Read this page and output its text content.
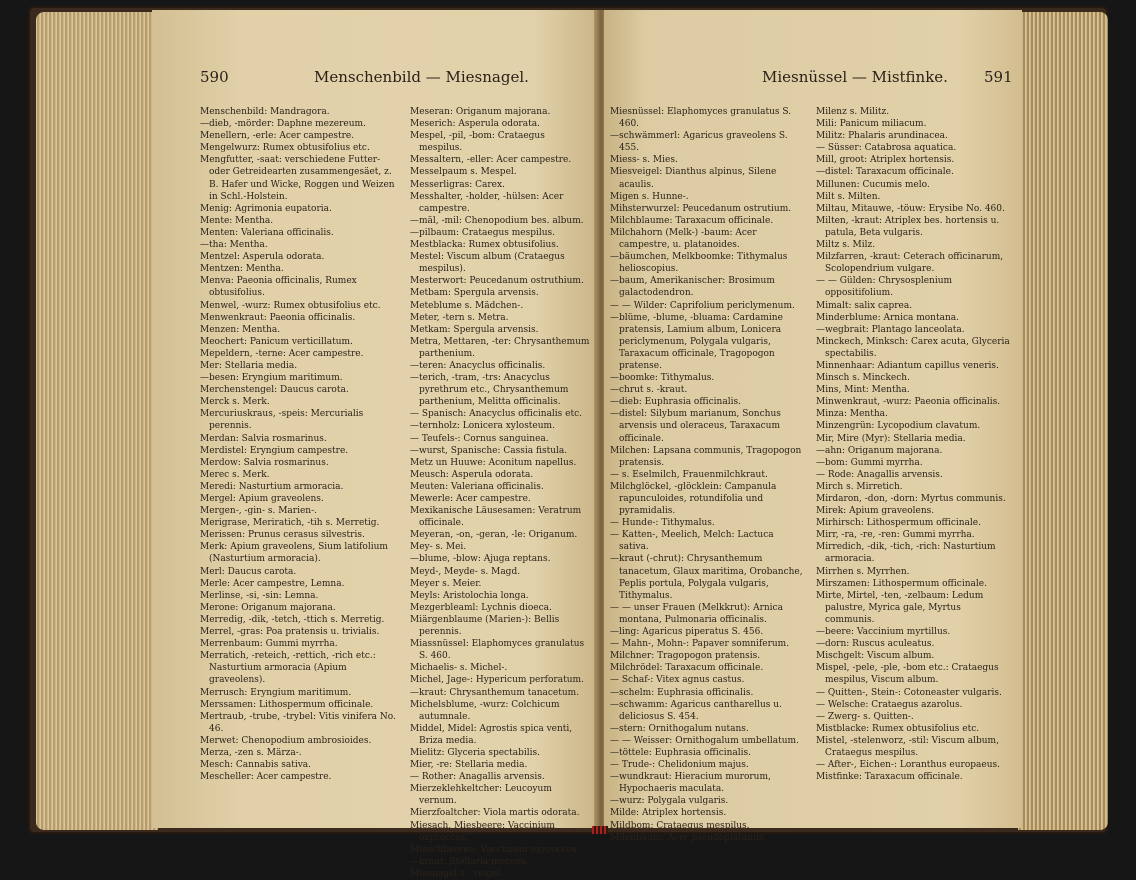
590	Menschenbild — Miesnagel.
Menschenbild: Mandragora.
—dieb, -mörder: Daphne mezereum.
Menellern, -erle: Acer campestre.
Mengelwurz: Rumex obtusifolius etc.
Mengfutter, -saat: verschiedene Futter- oder Getreidearten zusammengesäet, z. B. Hafer und Wicke, Roggen und Weizen in Schl.-Holstein.
Menig: Agrimonia eupatoria.
Mente: Mentha.
Menten: Valeriana officinalis.
—tha: Mentha.
Mentzel: Asperula odorata.
Mentzen: Mentha.
Menva: Paeonia officinalis, Rumex obtusifolius.
Menwel, -wurz: Rumex obtusifolius etc.
Menwenkraut: Paeonia officinalis.
Menzen: Mentha.
Meochert: Panicum verticillatum.
Mepeldern, -terne: Acer campestre.
Mer: Stellaria media.
—besen: Eryngium maritimum.
Merchenstengel: Daucus carota.
Merck s. Merk.
Mercuriuskraus, -speis: Mercurialis perennis.
Merdan: Salvia rosmarinus.
Merdistel: Eryngium campestre.
Merdow: Salvia rosmarinus.
Merec s. Merk.
Meredi: Nasturtium armoracia.
Mergel: Apium graveolens.
Mergen-, -gin- s. Marien-.
Merigrase, Meriratich, -tih s. Merretig.
Merissen: Prunus cerasus silvestris.
Merk: Apium graveolens, Sium latifolium (Nasturtium armoracia).
Merl: Daucus carota.
Merle: Acer campestre, Lemna.
Merlinse, -si, -sin: Lemna.
Merone: Origanum majorana.
Merredig, -dik, -tetch, -ttich s. Merretig.
Merrel, -gras: Poa pratensis u. trivialis.
Merrenbaum: Gummi myrrha.
Merratich, -reteich, -rettich, -rich etc.: Nasturtium armoracia (Apium graveolens).
Merrusch: Eryngium maritimum.
Merssamen: Lithospermum officinale.
Mertraub, -trube, -trybel: Vitis vinifera No. 46.
Merwet: Chenopodium ambrosioides.
Merza, -zen s. Märza-.
Mesch: Cannabis sativa.
Mescheller: Acer campestre.
Meseran: Origanum majorana.
Meserich: Asperula odorata.
Mespel, -pil, -bom: Crataegus mespilus.
Messaltern, -eller: Acer campestre.
Messelpaum s. Mespel.
Messerligras: Carex.
Messhalter, -holder, -hülsen: Acer campestre.
—mäl, -mil: Chenopodium bes. album.
—pilbaum: Crataegus mespilus.
Mestblacka: Rumex obtusifolius.
Mestel: Viscum album (Crataegus mespilus).
Mesterwort: Peucedanum ostruthium.
Metbam: Spergula arvensis.
Meteblume s. Mädchen-.
Meter, -tern s. Metra.
Metkam: Spergula arvensis.
Metra, Mettaren, -ter: Chrysanthemum parthenium.
—teren: Anacyclus officinalis.
—terich, -tram, -trs: Anacyclus pyrethrum etc., Chrysanthemum parthenium, Melitta officinalis.
— Spanisch: Anacyclus officinalis etc.
—ternholz: Lonicera xylosteum.
— Teufels-: Cornus sanguinea.
—wurst, Spanische: Cassia fistula.
Metz un Huuwe: Aconitum napellus.
Meusch: Asperula odorata.
Meuten: Valeriana officinalis.
Mewerle: Acer campestre.
Mexikanische Läusesamen: Veratrum officinale.
Meyeran, -on, -geran, -le: Origanum.
Mey- s. Mei.
—blume, -blow: Ajuga reptans.
Meyd-, Meyde- s. Magd.
Meyer s. Meier.
Meyls: Aristolochia longa.
Mezgerbleaml: Lychnis dioeca.
Miärgenblaume (Marien-): Bellis perennis.
Miassnüssel: Elaphomyces granulatus S. 460.
Michaelis- s. Michel-.
Michel, Jage-: Hypericum perforatum.
—kraut: Chrysanthemum tanacetum.
Michelsblume, -wurz: Colchicum autumnale.
Middel, Midel: Agrostis spica venti, Briza media.
Mielitz: Glyceria spectabilis.
Mier, -re: Stellaria media.
— Rother: Anagallis arvensis.
Mierzeklehkeltcher: Leucoyum vernum.
Mierzfoaltcher: Viola martis odorata.
Miesach, Miesbeere: Vaccinium oxycoccos.
Mieschbeeren: Vaccinium oxycoccos.
—kraut: Stellaria mucosa.
Miesnagel s. -veigel.
Miesnüssel — Mistfinke. 591
Miesnüssel: Elaphomyces granulatus S. 460.
—schwämmerl: Agaricus graveolens S. 455.
Miess- s. Mies.
Miesveigel: Dianthus alpinus, Silene acaulis.
Migen s. Hunne-.
Mihsterwurzel: Peucedanum ostrutium.
Milchblaume: Taraxacum officinale.
Milchahorn (Melk-) -baum: Acer campestre, u. platanoides.
—bäumchen, Melkboomke: Tithymalus helioscopius.
—baum, Amerikanischer: Brosimum galactodendron.
— — Wilder: Caprifolium periclymenum.
—blüme, -blume, -bluama: Cardamine pratensis, Lamium album, Lonicera periclymenum, Polygala vulgaris, Taraxacum officinale, Tragopogon pratense.
—boomke: Tithymalus.
—chrut s. -kraut.
—dieb: Euphrasia officinalis.
—distel: Silybum marianum, Sonchus arvensis und oleraceus, Taraxacum officinale.
Milchen: Lapsana communis, Tragopogon pratensis.
— s. Eselmilch, Frauenmilchkraut.
Milchglöckel, -glöcklein: Campanula rapunculoides, rotundifolia und pyramidalis.
— Hunde-: Tithymalus.
— Katten-, Meelich, Melch: Lactuca sativa.
—kraut (-chrut): Chrysanthemum tanacetum, Glaux maritima, Orobanche, Peplis portula, Polygala vulgaris, Tithymalus.
— — unser Frauen (Melkkrut): Arnica montana, Pulmonaria officinalis.
—ling: Agaricus piperatus S. 456.
— Mahn-, Mohn-: Papaver somniferum.
Milchner: Tragopogon pratensis.
Milchrödel: Taraxacum officinale.
— Schaf-: Vitex agnus castus.
—schelm: Euphrasia officinalis.
—schwamm: Agaricus cantharellus u. deliciosus S. 454.
—stern: Ornithogalum nutans.
— — Weisser: Ornithogalum umbellatum.
—töttele: Euphrasia officinalis.
— Trude-: Chelidonium majus.
—wundkraut: Hieracium murorum, Hypochaeris maculata.
—wurz: Polygala vulgaris.
Milde: Atriplex hortensis.
Mildbom: Crataegus mespilus.
Milenbaum: Acer pseudoplatanus.
Milenz s. Militz.
Mili: Panicum miliacum.
Militz: Phalaris arundinacea.
— Süsser: Catabrosa aquatica.
Mill, groot: Atriplex hortensis.
—distel: Taraxacum officinale.
Millunen: Cucumis melo.
Milt s. Milten.
Miltau, Mitauwe, -töuw: Erysibe No. 460.
Milten, -kraut: Atriplex bes. hortensis u. patula, Beta vulgaris.
Miltz s. Milz.
Milzfarren, -kraut: Ceterach officinarum, Scolopendrium vulgare.
— — Gülden: Chrysosplenium oppositifolium.
Mimalt: salix caprea.
Minderblume: Arnica montana.
—wegbrait: Plantago lanceolata.
Minckech, Minksch: Carex acuta, Glyceria spectabilis.
Minnenhaar: Adiantum capillus veneris.
Minsch s. Minckech.
Mins, Mint: Mentha.
Minwenkraut, -wurz: Paeonia officinalis.
Minza: Mentha.
Minzengrün: Lycopodium clavatum.
Mir, Mire (Myr): Stellaria media.
—ahn: Origanum majorana.
—bom: Gummi myrrha.
— Rode: Anagallis arvensis.
Mirch s. Mirretich.
Mirdaron, -don, -dorn: Myrtus communis.
Mirek: Apium graveolens.
Mirhirsch: Lithospermum officinale.
Mirr, -ra, -re, -ren: Gummi myrrha.
Mirredich, -dik, -tich, -rich: Nasturtium armoracia.
Mirrhen s. Myrrhen.
Mirszamen: Lithospermum officinale.
Mirte, Mirtel, -ten, -zelbaum: Ledum palustre, Myrica gale, Myrtus communis.
—beere: Vaccinium myrtillus.
—dorn: Ruscus aculeatus.
Mischgelt: Viscum album.
Mispel, -pele, -ple, -bom etc.: Crataegus mespilus, Viscum album.
— Quitten-, Stein-: Cotoneaster vulgaris.
— Welsche: Crataegus azarolus.
— Zwerg- s. Quitten-.
Mistblacke: Rumex obtusifolius etc.
Mistel, -stelenworz, -stil: Viscum album, Crataegus mespilus.
— After-, Eichen-: Loranthus europaeus.
Mistfinke: Taraxacum officinale.
